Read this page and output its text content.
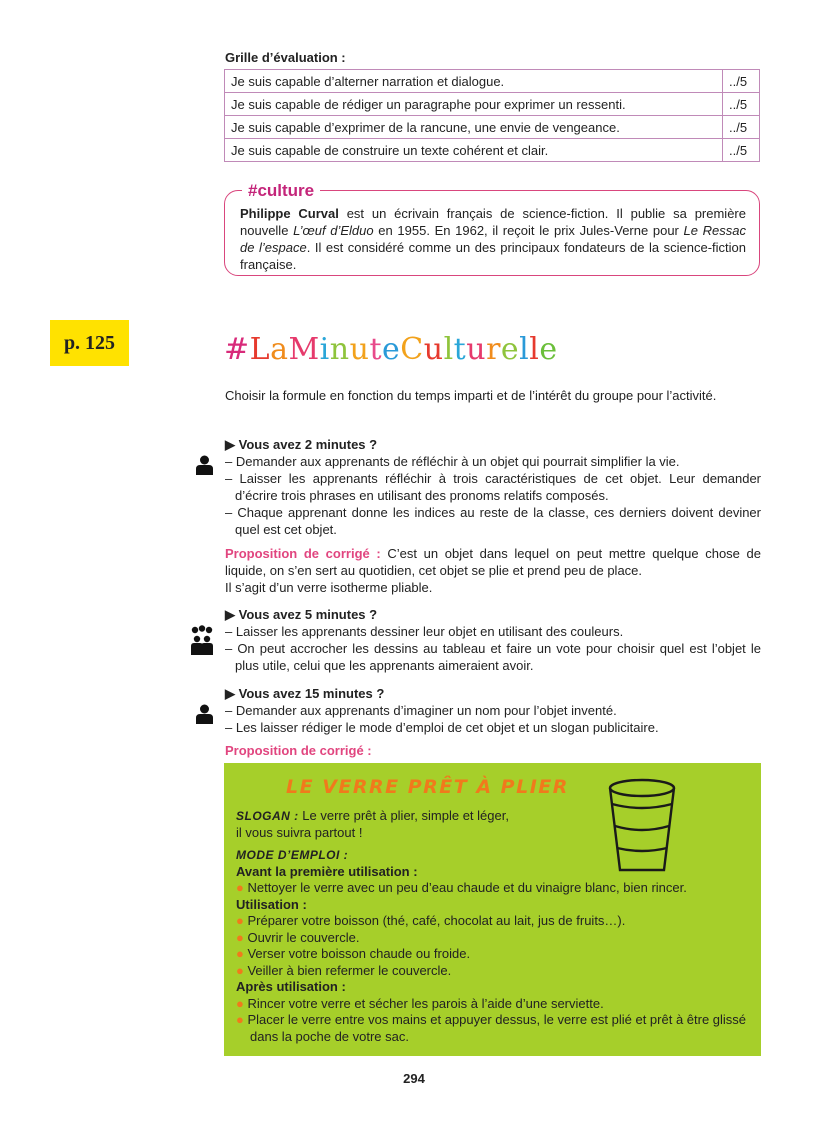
Grille d’évaluation :
Je suis capable d’alterner narration et dialogue.	../5
Je suis capable de rédiger un paragraphe pour exprimer un ressenti.	../5
Je suis capable d’exprimer de la rancune, une envie de vengeance.	../5
Je suis capable de construire un texte cohérent et clair.	../5
#culture
Philippe Curval est un écrivain français de science-fiction. Il publie sa première nouvelle L’œuf d’Elduo en 1955. En 1962, il reçoit le prix Jules-Verne pour Le Ressac de l’espace. Il est considéré comme un des principaux fondateurs de la science-fiction française.
p. 125	#LaMinuteCulturelle
Choisir la formule en fonction du temps imparti et de l’intérêt du groupe pour l’activité.
▶ Vous avez 2 minutes ?
– Demander aux apprenants de réfléchir à un objet qui pourrait simplifier la vie.
– Laisser les apprenants réfléchir à trois caractéristiques de cet objet. Leur demander d’écrire trois phrases en utilisant des pronoms relatifs composés.
– Chaque apprenant donne les indices au reste de la classe, ces derniers doivent deviner quel est cet objet.
Proposition de corrigé : C’est un objet dans lequel on peut mettre quelque chose de liquide, on s’en sert au quotidien, cet objet se plie et prend peu de place.
Il s’agit d’un verre isotherme pliable.
▶ Vous avez 5 minutes ?
– Laisser les apprenants dessiner leur objet en utilisant des couleurs.
– On peut accrocher les dessins au tableau et faire un vote pour choisir quel est l’objet le plus utile, celui que les apprenants aimeraient avoir.
▶ Vous avez 15 minutes ?
– Demander aux apprenants d’imaginer un nom pour l’objet inventé.
– Les laisser rédiger le mode d’emploi de cet objet et un slogan publicitaire.
Proposition de corrigé :
LE VERRE PRÊT À PLIER
SLOGAN : Le verre prêt à plier, simple et léger,
il vous suivra partout !
MODE D’EMPLOI :
Avant la première utilisation :
● Nettoyer le verre avec un peu d’eau chaude et du vinaigre blanc, bien rincer.
Utilisation :
● Préparer votre boisson (thé, café, chocolat au lait, jus de fruits…).
● Ouvrir le couvercle.
● Verser votre boisson chaude ou froide.
● Veiller à bien refermer le couvercle.
Après utilisation :
● Rincer votre verre et sécher les parois à l’aide d’une serviette.
● Placer le verre entre vos mains et appuyer dessus, le verre est plié et prêt à être glissé dans la poche de votre sac.
294
